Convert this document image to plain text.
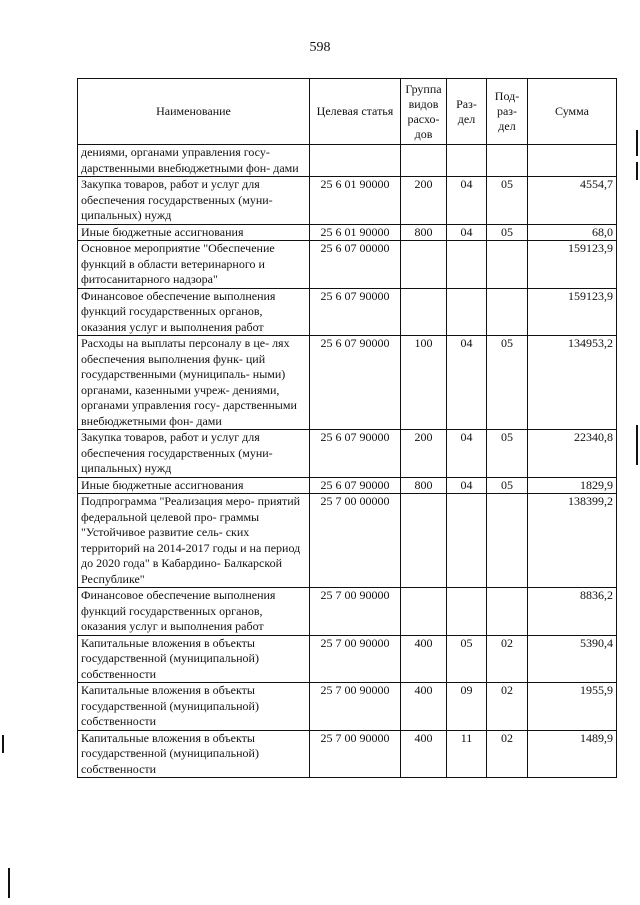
598
Наименование	Целевая статья	Группа видов расхо- дов	Раз- дел	Под- раз- дел	Сумма
дениями, органами управления госу- дарственными внебюджетными фон- дами					
Закупка товаров, работ и услуг для обеспечения государственных (муни- ципальных) нужд	25 6 01 90000	200	04	05	4554,7
Иные бюджетные ассигнования	25 6 01 90000	800	04	05	68,0
Основное мероприятие "Обеспечение функций в области ветеринарного и фитосанитарного надзора"	25 6 07 00000				159123,9
Финансовое обеспечение выполнения функций государственных органов, оказания услуг и выполнения работ	25 6 07 90000				159123,9
Расходы на выплаты персоналу в це- лях обеспечения выполнения функ- ций государственными (муниципаль- ными) органами, казенными учреж- дениями, органами управления госу- дарственными внебюджетными фон- дами	25 6 07 90000	100	04	05	134953,2
Закупка товаров, работ и услуг для обеспечения государственных (муни- ципальных) нужд	25 6 07 90000	200	04	05	22340,8
Иные бюджетные ассигнования	25 6 07 90000	800	04	05	1829,9
Подпрограмма "Реализация меро- приятий федеральной целевой про- граммы "Устойчивое развитие сель- ских территорий на 2014-2017 годы и на период до 2020 года" в Кабардино- Балкарской Республике"	25 7 00 00000				138399,2
Финансовое обеспечение выполнения функций государственных органов, оказания услуг и выполнения работ	25 7 00 90000				8836,2
Капитальные вложения в объекты государственной (муниципальной) собственности	25 7 00 90000	400	05	02	5390,4
Капитальные вложения в объекты государственной (муниципальной) собственности	25 7 00 90000	400	09	02	1955,9
Капитальные вложения в объекты государственной (муниципальной) собственности	25 7 00 90000	400	11	02	1489,9
